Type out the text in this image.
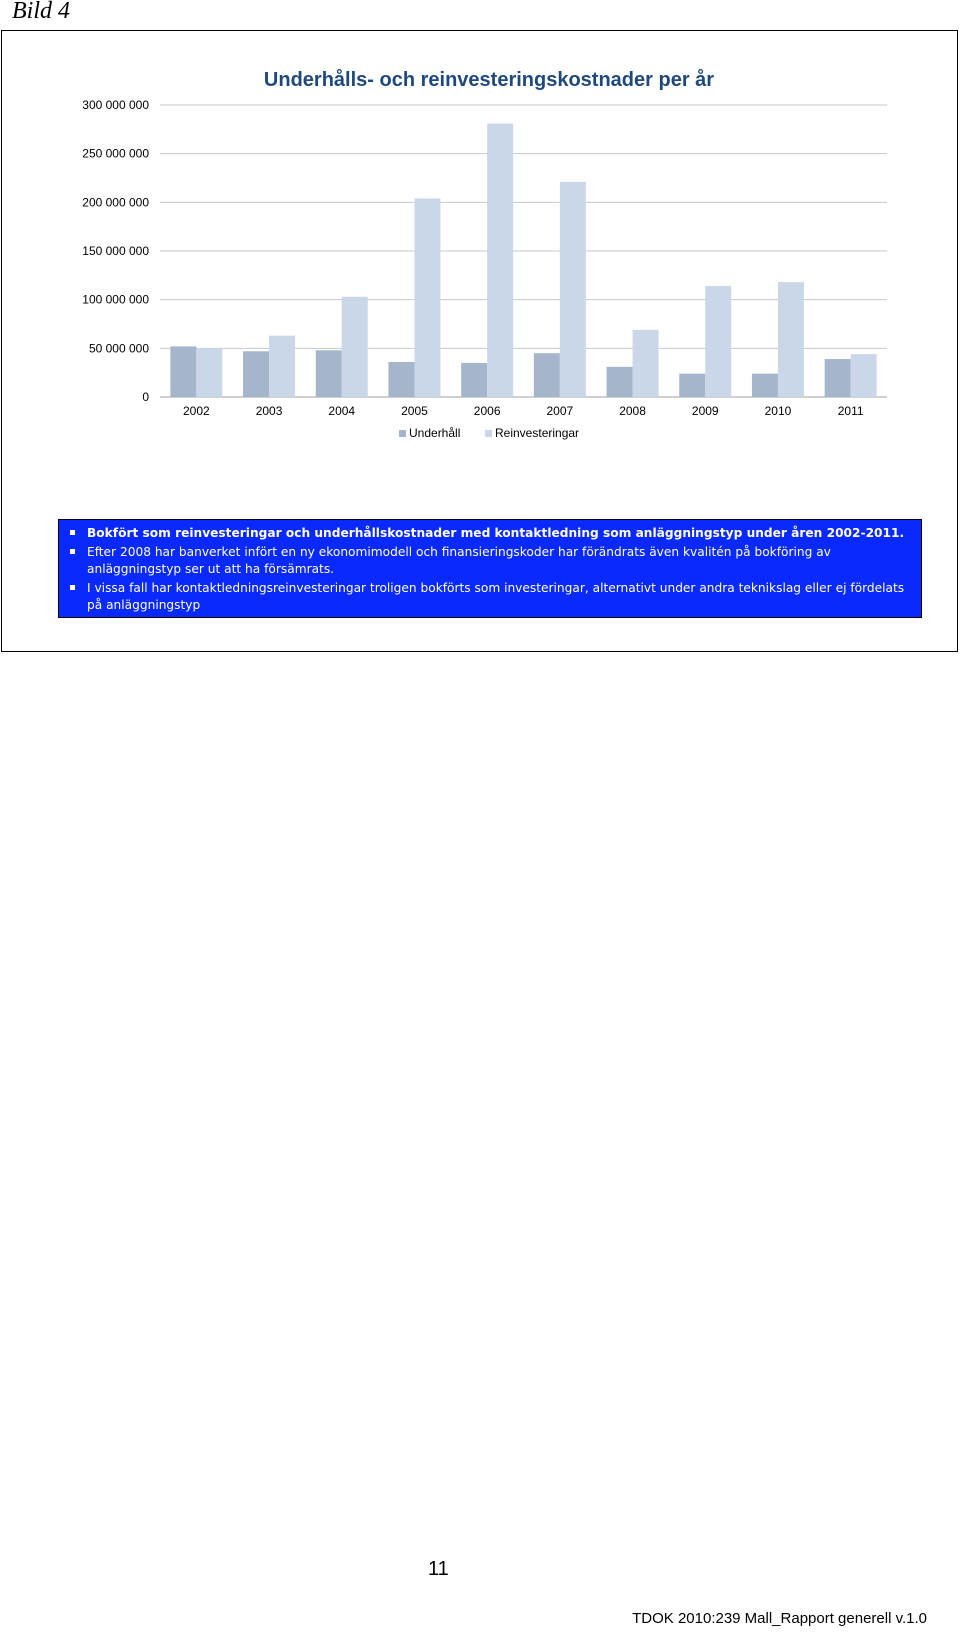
Bild 4
Underhålls- och reinvesteringskostnader per år
0
50 000 000
100 000 000
150 000 000
200 000 000
250 000 000
300 000 000
2002	2003	2004	2005	2006	2007	2008	2009	2010	2011
Underhåll	Reinvesteringar
Bokfört som reinvesteringar och underhållskostnader med kontaktledning som anläggningstyp under åren 2002-2011.
Efter 2008 har banverket infört en ny ekonomimodell och finansieringskoder har förändrats även kvalitén på bokföring av anläggningstyp ser ut att ha försämrats.
I vissa fall har kontaktledningsreinvesteringar troligen bokförts som investeringar, alternativt under andra teknikslag eller ej fördelats på anläggningstyp
11
TDOK 2010:239 Mall_Rapport generell v.1.0
